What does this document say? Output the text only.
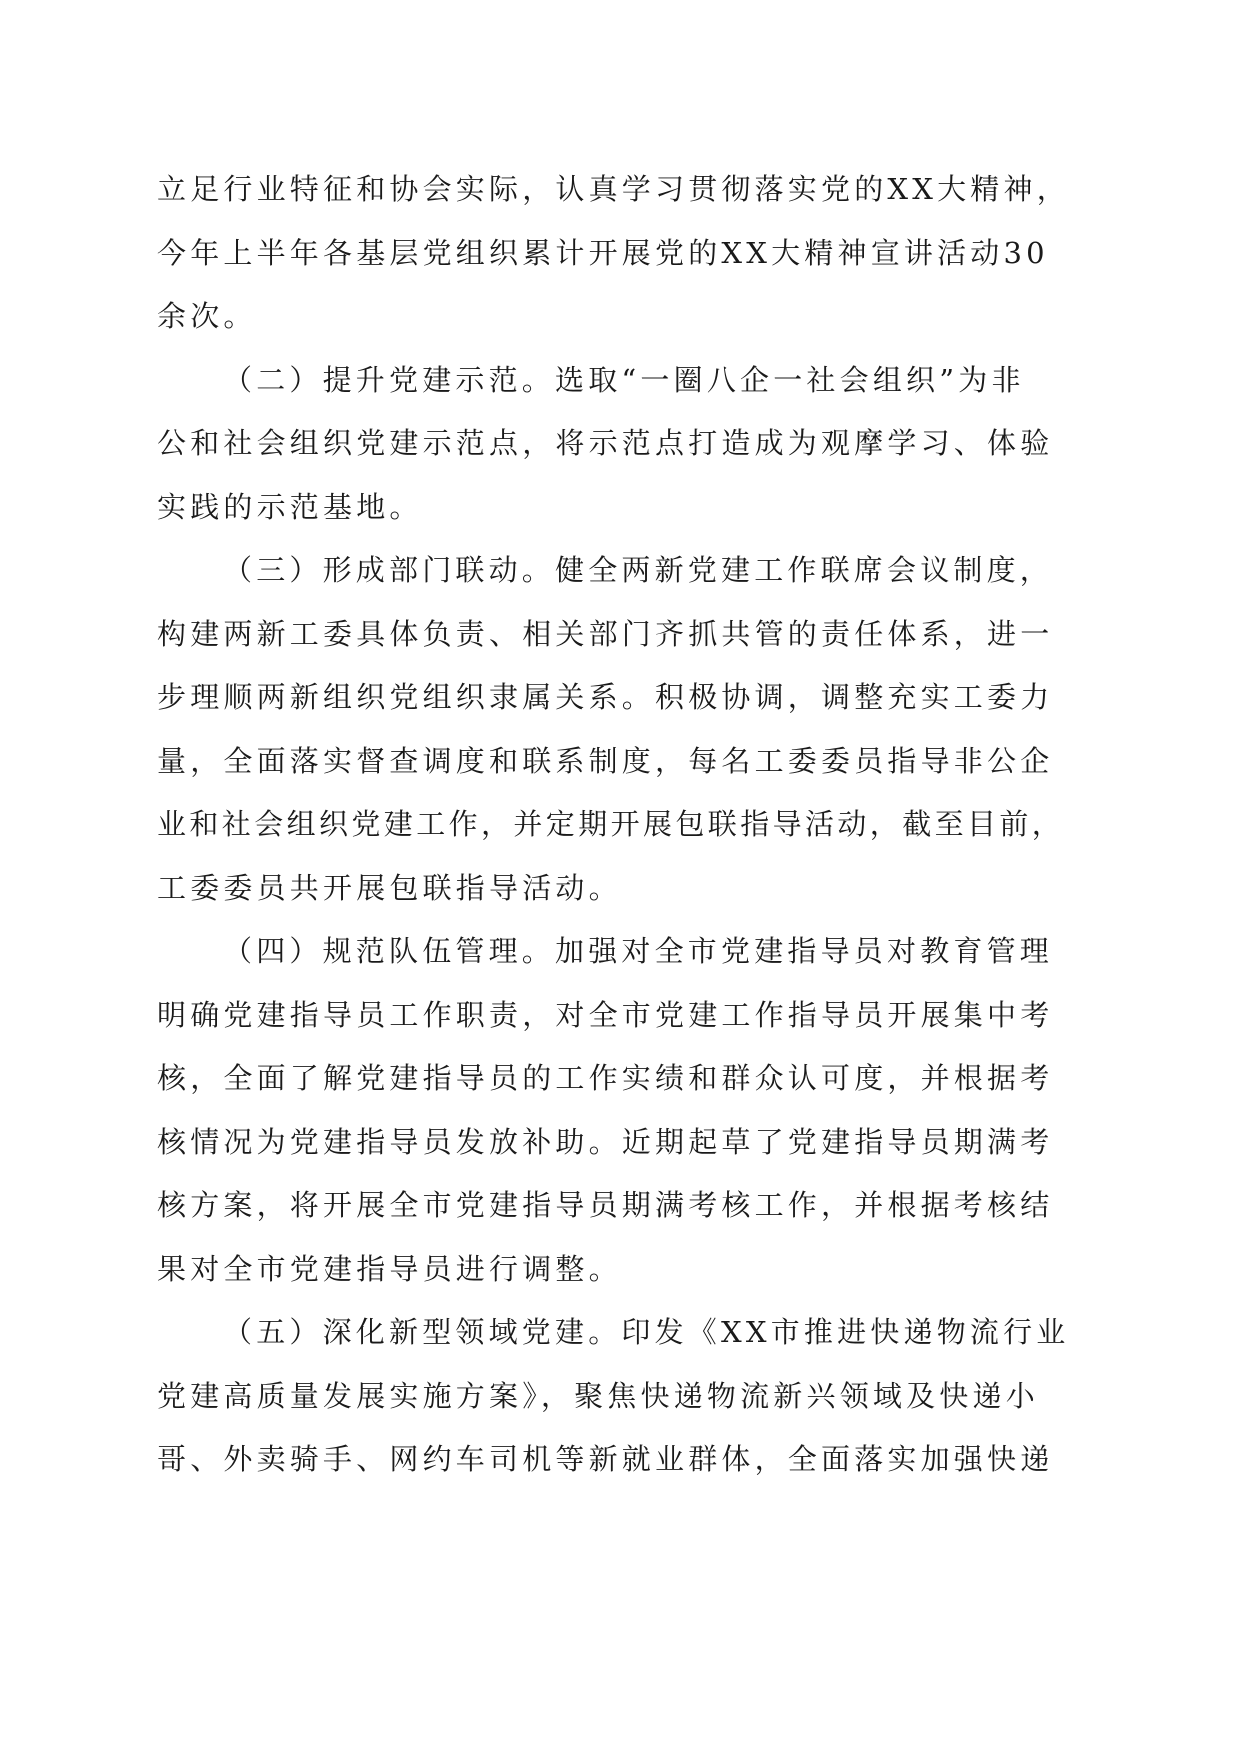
立足行业特征和协会实际，认真学习贯彻落实党的XX大精神，
今年上半年各基层党组织累计开展党的XX大精神宣讲活动30
余次。

（二）提升党建示范。选取“一圈八企一社会组织”为非
公和社会组织党建示范点，将示范点打造成为观摩学习、体验
实践的示范基地。

（三）形成部门联动。健全两新党建工作联席会议制度，
构建两新工委具体负责、相关部门齐抓共管的责任体系，进一
步理顺两新组织党组织隶属关系。积极协调，调整充实工委力
量，全面落实督查调度和联系制度，每名工委委员指导非公企
业和社会组织党建工作，并定期开展包联指导活动，截至目前，
工委委员共开展包联指导活动。

（四）规范队伍管理。加强对全市党建指导员对教育管理
明确党建指导员工作职责，对全市党建工作指导员开展集中考
核，全面了解党建指导员的工作实绩和群众认可度，并根据考
核情况为党建指导员发放补助。近期起草了党建指导员期满考
核方案，将开展全市党建指导员期满考核工作，并根据考核结
果对全市党建指导员进行调整。

（五）深化新型领域党建。印发《XX市推进快递物流行业
党建高质量发展实施方案》，聚焦快递物流新兴领域及快递小
哥、外卖骑手、网约车司机等新就业群体，全面落实加强快递
